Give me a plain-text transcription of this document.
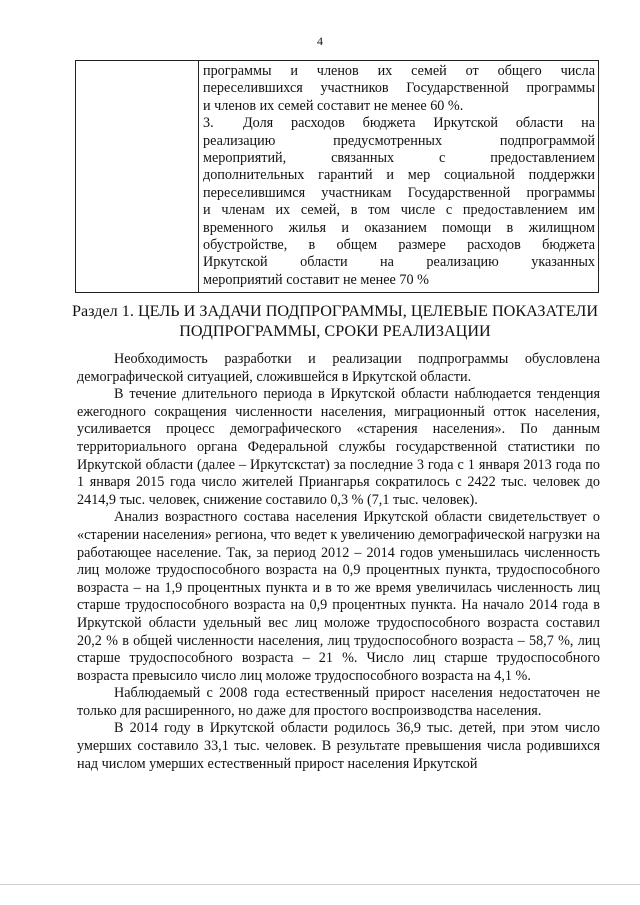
4

программы и членов их семей от общего числа
переселившихся участников Государственной программы
и членов их семей составит не менее 60 %.
3. Доля расходов бюджета Иркутской области на
реализацию предусмотренных подпрограммой
мероприятий, связанных с предоставлением
дополнительных гарантий и мер социальной поддержки
переселившимся участникам Государственной программы
и членам их семей, в том числе с предоставлением им
временного жилья и оказанием помощи в жилищном
обустройстве, в общем размере расходов бюджета
Иркутской области на реализацию указанных
мероприятий составит не менее 70 %
Раздел 1. ЦЕЛЬ И ЗАДАЧИ ПОДПРОГРАММЫ, ЦЕЛЕВЫЕ ПОКАЗАТЕЛИ
ПОДПРОГРАММЫ, СРОКИ РЕАЛИЗАЦИИ

Необходимость разработки и реализации подпрограммы обусловлена демографической ситуацией, сложившейся в Иркутской области.

В течение длительного периода в Иркутской области наблюдается тенденция ежегодного сокращения численности населения, миграционный отток населения, усиливается процесс демографического «старения населения». По данным территориального органа Федеральной службы государственной статистики по Иркутской области (далее – Иркутскстат) за последние 3 года с 1 января 2013 года по 1 января 2015 года число жителей Приангарья сократилось с 2422 тыс. человек до 2414,9 тыс. человек, снижение составило 0,3 % (7,1 тыс. человек).

Анализ возрастного состава населения Иркутской области свидетельствует о «старении населения» региона, что ведет к увеличению демографической нагрузки на работающее население. Так, за период 2012 – 2014 годов уменьшилась численность лиц моложе трудоспособного возраста на 0,9 процентных пункта, трудоспособного возраста – на 1,9 процентных пункта и в то же время увеличилась численность лиц старше трудоспособного возраста на 0,9 процентных пункта. На начало 2014 года в Иркутской области удельный вес лиц моложе трудоспособного возраста составил 20,2 % в общей численности населения, лиц трудоспособного возраста – 58,7 %, лиц старше трудоспособного возраста – 21 %. Число лиц старше трудоспособного возраста превысило число лиц моложе трудоспособного возраста на 4,1 %.

Наблюдаемый с 2008 года естественный прирост населения недостаточен не только для расширенного, но даже для простого воспроизводства населения.

В 2014 году в Иркутской области родилось 36,9 тыс. детей, при этом число умерших составило 33,1 тыс. человек. В результате превышения числа родившихся над числом умерших естественный прирост населения Иркутской
